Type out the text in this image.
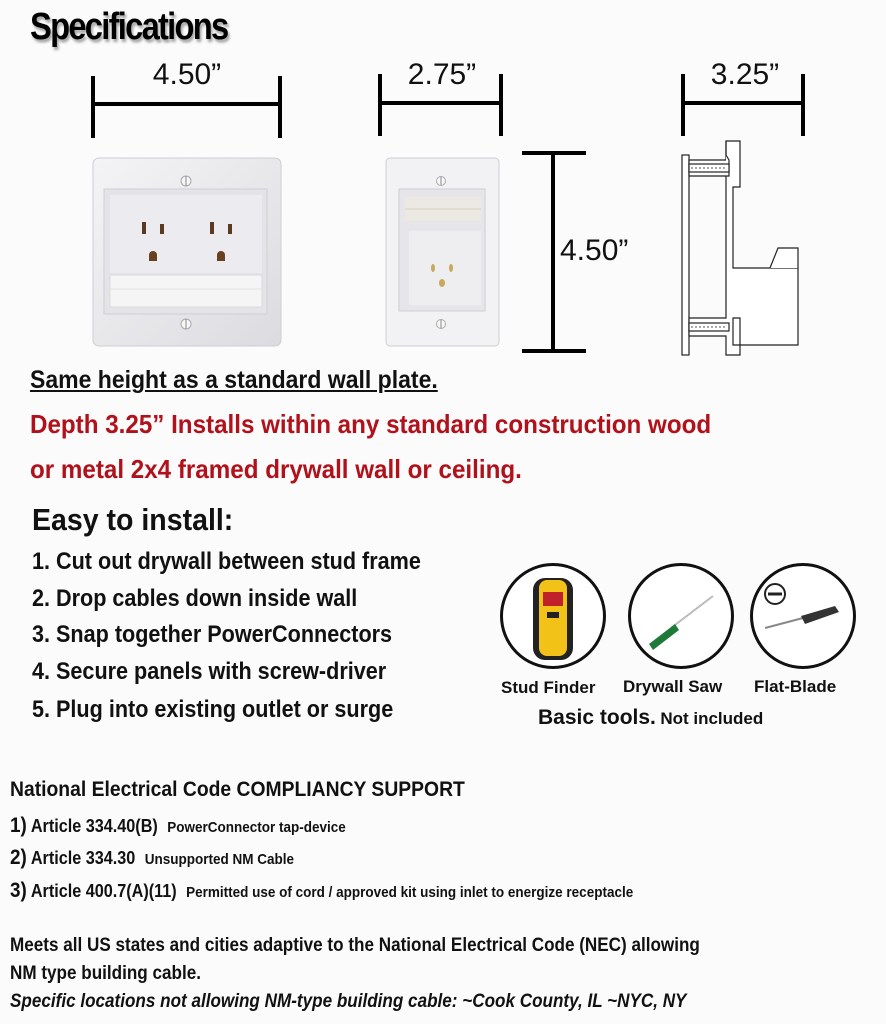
Specifications
4.50”	2.75”	3.25”
4.50”
Same height as a standard wall plate.
Depth 3.25” Installs within any standard construction wood
or metal 2x4 framed drywall wall or ceiling.
Easy to install:
1. Cut out drywall between stud frame
2. Drop cables down inside wall
3. Snap together PowerConnectors
4. Secure panels with screw-driver
5. Plug into existing outlet or surge
Stud Finder Drywall Saw Flat-Blade
Basic tools. Not included
National Electrical Code COMPLIANCY SUPPORT
1) Article 334.40(B) PowerConnector tap-device
2) Article 334.30 Unsupported NM Cable
3) Article 400.7(A)(11) Permitted use of cord / approved kit using inlet to energize receptacle
Meets all US states and cities adaptive to the National Electrical Code (NEC) allowing
NM type building cable.
Specific locations not allowing NM-type building cable: ~Cook County, IL ~NYC, NY
